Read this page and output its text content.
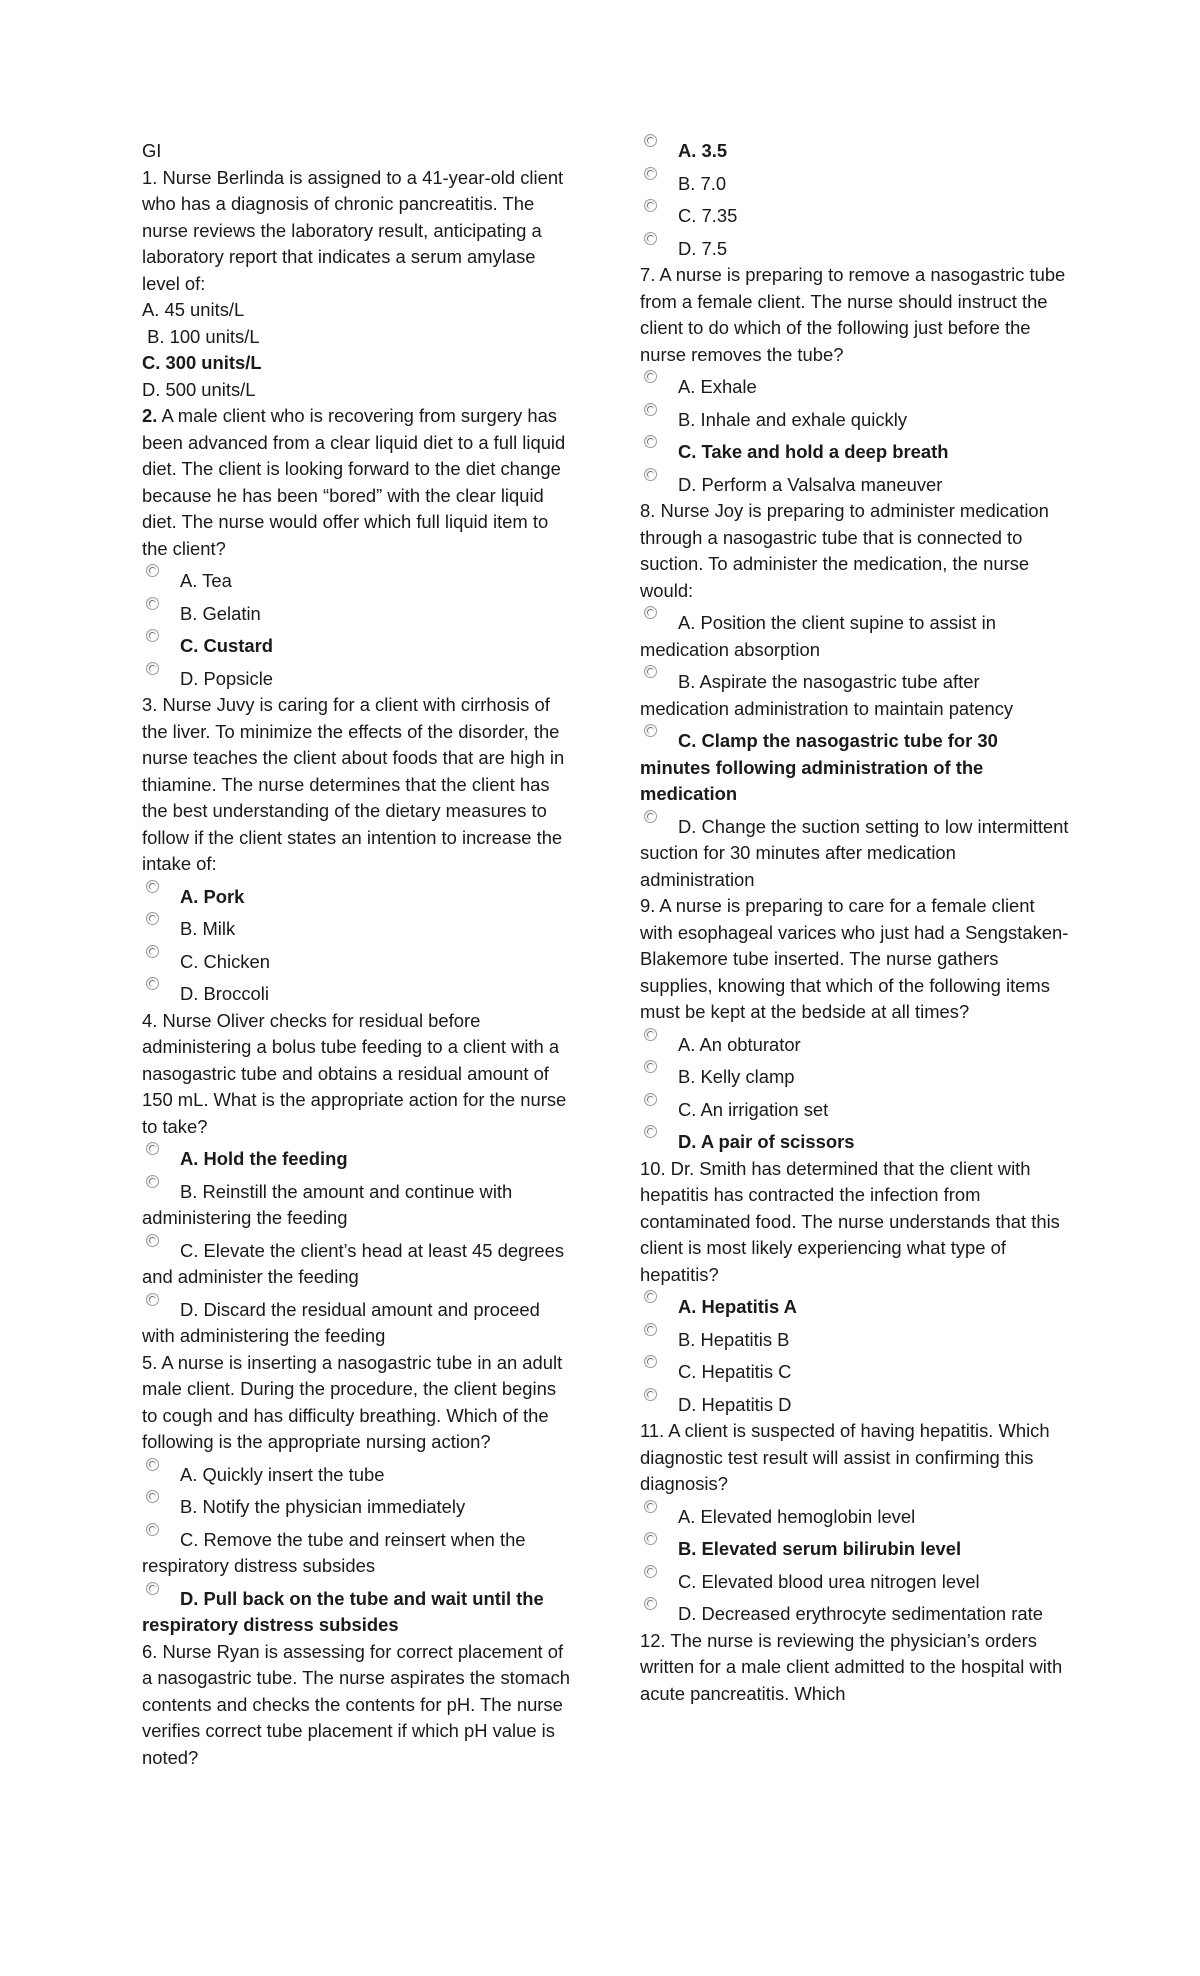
GI

1. Nurse Berlinda is assigned to a 41-year-old client who has a diagnosis of chronic pancreatitis. The nurse reviews the laboratory result, anticipating a laboratory report that indicates a serum amylase level of:

A. 45 units/L

B. 100 units/L

C. 300 units/L

D. 500 units/L

2. A male client who is recovering from surgery has been advanced from a clear liquid diet to a full liquid diet. The client is looking forward to the diet change because he has been “bored” with the clear liquid diet. The nurse would offer which full liquid item to the client?

A. Tea

B. Gelatin

C. Custard

D. Popsicle

3. Nurse Juvy is caring for a client with cirrhosis of the liver. To minimize the effects of the disorder, the nurse teaches the client about foods that are high in thiamine. The nurse determines that the client has the best understanding of the dietary measures to follow if the client states an intention to increase the intake of:

A. Pork

B. Milk

C. Chicken

D. Broccoli

4. Nurse Oliver checks for residual before administering a bolus tube feeding to a client with a nasogastric tube and obtains a residual amount of 150 mL. What is the appropriate action for the nurse to take?

A. Hold the feeding

B. Reinstill the amount and continue with administering the feeding

C. Elevate the client’s head at least 45 degrees and administer the feeding

D. Discard the residual amount and proceed with administering the feeding

5. A nurse is inserting a nasogastric tube in an adult male client. During the procedure, the client begins to cough and has difficulty breathing. Which of the following is the appropriate nursing action?

A. Quickly insert the tube

B. Notify the physician immediately

C. Remove the tube and reinsert when the respiratory distress subsides

D. Pull back on the tube and wait until the respiratory distress subsides

6. Nurse Ryan is assessing for correct placement of a nasogastric tube. The nurse aspirates the stomach contents and checks the contents for pH. The nurse verifies correct tube placement if which pH value is noted?

A. 3.5

B. 7.0

C. 7.35

D. 7.5

7. A nurse is preparing to remove a nasogastric tube from a female client. The nurse should instruct the client to do which of the following just before the nurse removes the tube?

A. Exhale

B. Inhale and exhale quickly

C. Take and hold a deep breath

D. Perform a Valsalva maneuver

8. Nurse Joy is preparing to administer medication through a nasogastric tube that is connected to suction. To administer the medication, the nurse would:

A. Position the client supine to assist in medication absorption

B. Aspirate the nasogastric tube after medication administration to maintain patency

C. Clamp the nasogastric tube for 30 minutes following administration of the medication

D. Change the suction setting to low intermittent suction for 30 minutes after medication administration

9. A nurse is preparing to care for a female client with esophageal varices who just had a Sengstaken-Blakemore tube inserted. The nurse gathers supplies, knowing that which of the following items must be kept at the bedside at all times?

A. An obturator

B. Kelly clamp

C. An irrigation set

D. A pair of scissors

10. Dr. Smith has determined that the client with hepatitis has contracted the infection from contaminated food. The nurse understands that this client is most likely experiencing what type of hepatitis?

A. Hepatitis A

B. Hepatitis B

C. Hepatitis C

D. Hepatitis D

11. A client is suspected of having hepatitis. Which diagnostic test result will assist in confirming this diagnosis?

A. Elevated hemoglobin level

B. Elevated serum bilirubin level

C. Elevated blood urea nitrogen level

D. Decreased erythrocyte sedimentation rate

12. The nurse is reviewing the physician’s orders written for a male client admitted to the hospital with acute pancreatitis. Which
